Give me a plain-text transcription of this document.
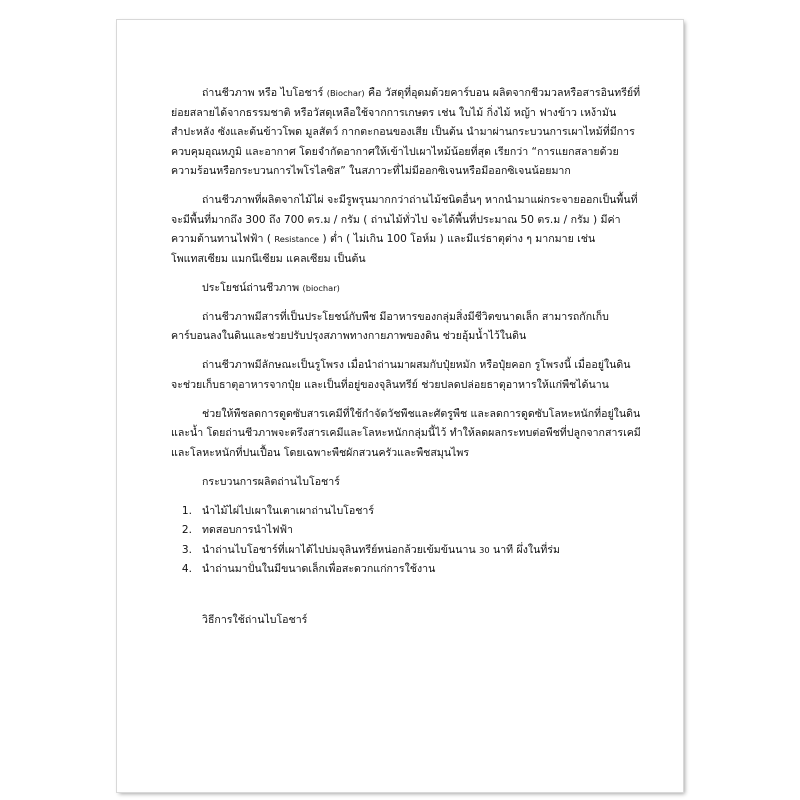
ถ่านชีวภาพ หรือ ไบโอชาร์ (Biochar) คือ วัสดุที่อุดมด้วยคาร์บอน ผลิตจากชีวมวลหรือสารอินทรีย์ที่ย่อยสลายได้จากธรรมชาติ หรือวัสดุเหลือใช้จากการเกษตร เช่น ใบไม้ กิ่งไม้ หญ้า ฟางข้าว เหง้ามันสำปะหลัง ซังและต้นข้าวโพด มูลสัตว์ กากตะกอนของเสีย เป็นต้น นำมาผ่านกระบวนการเผาไหม้ที่มีการควบคุมอุณหภูมิ และอากาศ โดยจำกัดอากาศให้เข้าไปเผาไหม้น้อยที่สุด เรียกว่า “การแยกสลายด้วยความร้อนหรือกระบวนการไพโรไลซิส” ในสภาวะที่ไม่มีออกซิเจนหรือมีออกซิเจนน้อยมาก

ถ่านชีวภาพที่ผลิตจากไม้ไผ่ จะมีรูพรุนมากกว่าถ่านไม้ชนิดอื่นๆ หากนำมาแผ่กระจายออกเป็นพื้นที่ จะมีพื้นที่มากถึง 300 ถึง 700 ตร.ม / กรัม ( ถ่านไม้ทั่วไป จะได้พื้นที่ประมาณ 50 ตร.ม / กรัม ) มีค่าความต้านทานไฟฟ้า ( Resistance ) ต่ำ ( ไม่เกิน 100 โอห์ม ) และมีแร่ธาตุต่าง ๆ มากมาย เช่น โพแทสเซียม แมกนีเซียม แคลเซียม เป็นต้น

ประโยชน์ถ่านชีวภาพ (biochar)

ถ่านชีวภาพมีสารที่เป็นประโยชน์กับพืช มีอาหารของกลุ่มสิ่งมีชีวิตขนาดเล็ก สามารถกักเก็บคาร์บอนลงในดินและช่วยปรับปรุงสภาพทางกายภาพของดิน ช่วยอุ้มน้ำไว้ในดิน

ถ่านชีวภาพมีลักษณะเป็นรูโพรง เมื่อนำถ่านมาผสมกับปุ๋ยหมัก หรือปุ๋ยคอก รูโพรงนี้ เมื่ออยู่ในดินจะช่วยเก็บธาตุอาหารจากปุ๋ย และเป็นที่อยู่ของจุลินทรีย์ ช่วยปลดปล่อยธาตุอาหารให้แก่พืชได้นาน

ช่วยให้พืชลดการดูดซับสารเคมีที่ใช้กำจัดวัชพืชและศัตรูพืช และลดการดูดซับโลหะหนักที่อยู่ในดินและน้ำ โดยถ่านชีวภาพจะตรึงสารเคมีและโลหะหนักกลุ่มนี้ไว้ ทำให้ลดผลกระทบต่อพืชที่ปลูกจากสารเคมีและโลหะหนักที่ปนเปื้อน โดยเฉพาะพืชผักสวนครัวและพืชสมุนไพร

กระบวนการผลิตถ่านไบโอชาร์

1. นำไม้ไผ่ไปเผาในเตาเผาถ่านไบโอชาร์
2. ทดสอบการนำไฟฟ้า
3. นำถ่านไบโอชาร์ที่เผาได้ไปบ่มจุลินทรีย์หน่อกล้วยเข้มข้นนาน 30 นาที ผึ่งในที่ร่ม
4. นำถ่านมาปั่นในมีขนาดเล็กเพื่อสะดวกแก่การใช้งาน

วิธีการใช้ถ่านไบโอชาร์
